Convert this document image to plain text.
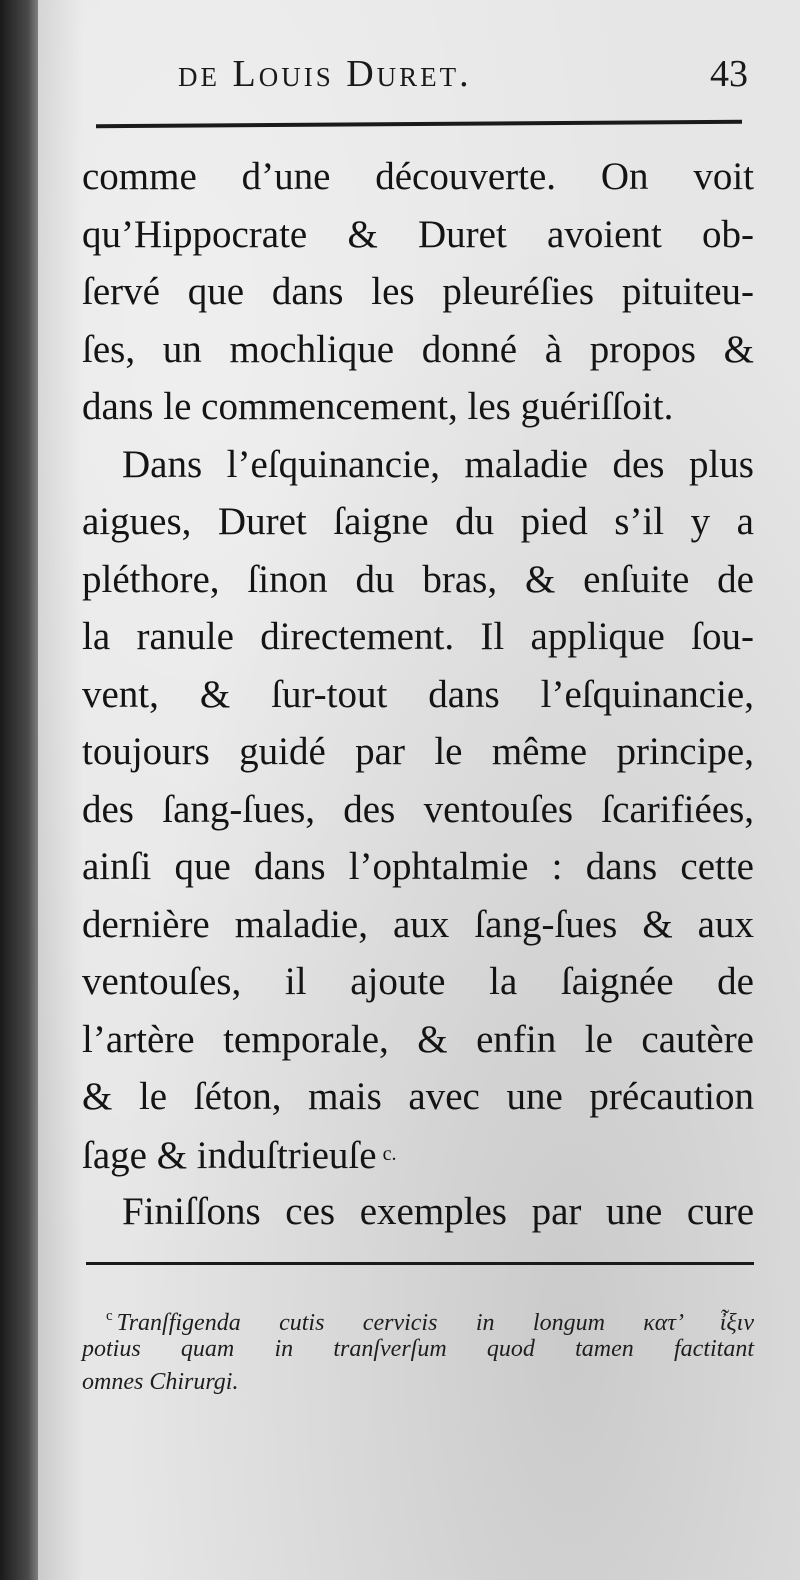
de Louis Duret.	43
comme d’une découverte. On voit
qu’Hippocrate & Duret avoient ob-
ſervé que dans les pleuréſies pituiteu-
ſes, un mochlique donné à propos &
dans le commencement, les guériſſoit.
Dans l’eſquinancie, maladie des plus
aigues, Duret ſaigne du pied s’il y a
pléthore, ſinon du bras, & enſuite de
la ranule directement. Il applique ſou-
vent, & ſur-tout dans l’eſquinancie,
toujours guidé par le même principe,
des ſang-ſues, des ventouſes ſcarifiées,
ainſi que dans l’ophtalmie : dans cette
dernière maladie, aux ſang-ſues & aux
ventouſes, il ajoute la ſaignée de
l’artère temporale, & enfin le cautère
& le ſéton, mais avec une précaution
ſage & induſtrieuſe $^{c.}$
Finiſſons ces exemples par une cure
$^c$ Tranſfigenda cutis cervicis in longum κατ’ ἶξιν
potius quam in tranſverſum quod tamen factitant
omnes Chirurgi.
